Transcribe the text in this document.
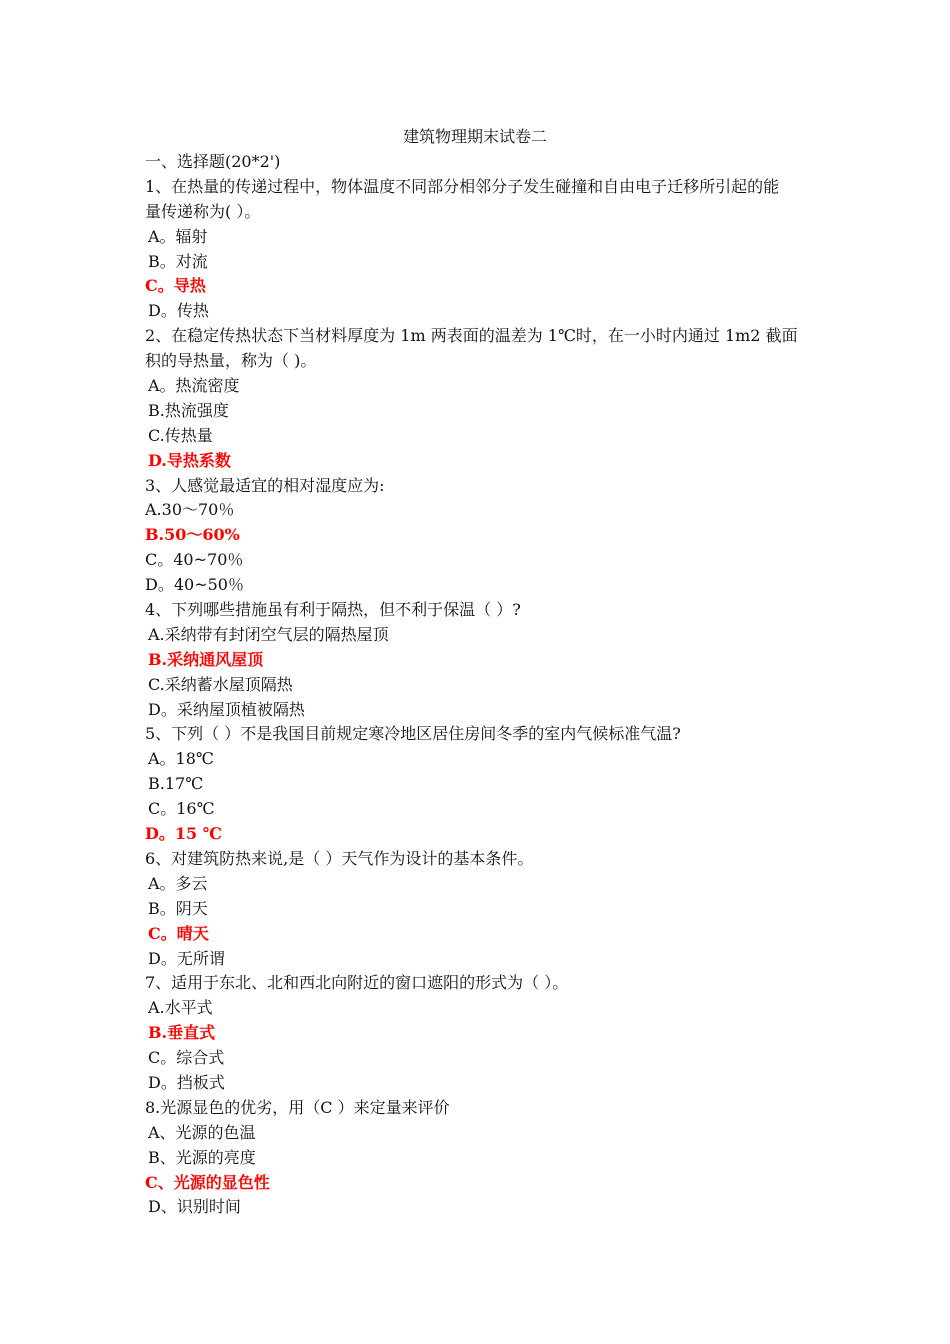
建筑物理期末试卷二
一、选择题(20*2')
1、在热量的传递过程中，物体温度不同部分相邻分子发生碰撞和自由电子迁移所引起的能
量传递称为( ）。
A。辐射
B。对流
C。导热
D。传热
2、在稳定传热状态下当材料厚度为 1m 两表面的温差为 1℃时，在一小时内通过 1m2 截面
积的导热量，称为（ )。
A。热流密度
B.热流强度
C.传热量
D.导热系数
3、人感觉最适宜的相对湿度应为:
A.30～70％
B.50～60%
C。40~70％
D。40~50％
4、下列哪些措施虽有利于隔热，但不利于保温（ ）?
A.采纳带有封闭空气层的隔热屋顶
B.采纳通风屋顶
C.采纳蓄水屋顶隔热
D。采纳屋顶植被隔热
5、下列（ ）不是我国目前规定寒冷地区居住房间冬季的室内气候标准气温?
A。18℃
B.17℃
C。16℃
D。15 ℃
6、对建筑防热来说,是（ ）天气作为设计的基本条件。
A。多云
B。阴天
C。晴天
D。无所谓
7、适用于东北、北和西北向附近的窗口遮阳的形式为（ ）。
A.水平式
B.垂直式
C。综合式
D。挡板式
8.光源显色的优劣，用（C ）来定量来评价
A、光源的色温
B、光源的亮度
C、光源的显色性
D、识别时间
